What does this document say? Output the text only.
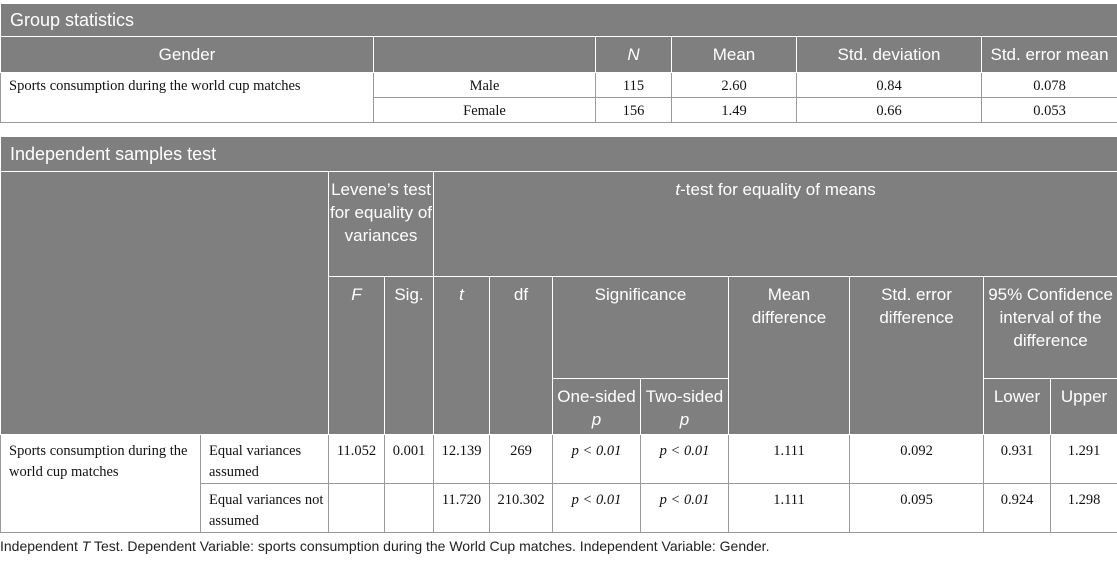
Group statistics					
Gender		N	Mean	Std. deviation	Std. error mean
Sports consumption during the world cup matches	Male	115	2.60	0.84	0.078
	Female	156	1.49	0.66	0.053
Independent samples test											
		Levene’s test for equality of variances		t-test for equality of means							
		F	Sig.	t	df	Significance		Mean difference	Std. error difference	95% Confidence interval of the difference	
						One-sided p	Two-sided p			Lower	Upper
Sports consumption during the world cup matches	Equal variances assumed	11.052	0.001	12.139	269	p < 0.01	p < 0.01	1.111	0.092	0.931	1.291
	Equal variances not assumed			11.720	210.302	p < 0.01	p < 0.01	1.111	0.095	0.924	1.298
Independent T Test. Dependent Variable: sports consumption during the World Cup matches. Independent Variable: Gender.
